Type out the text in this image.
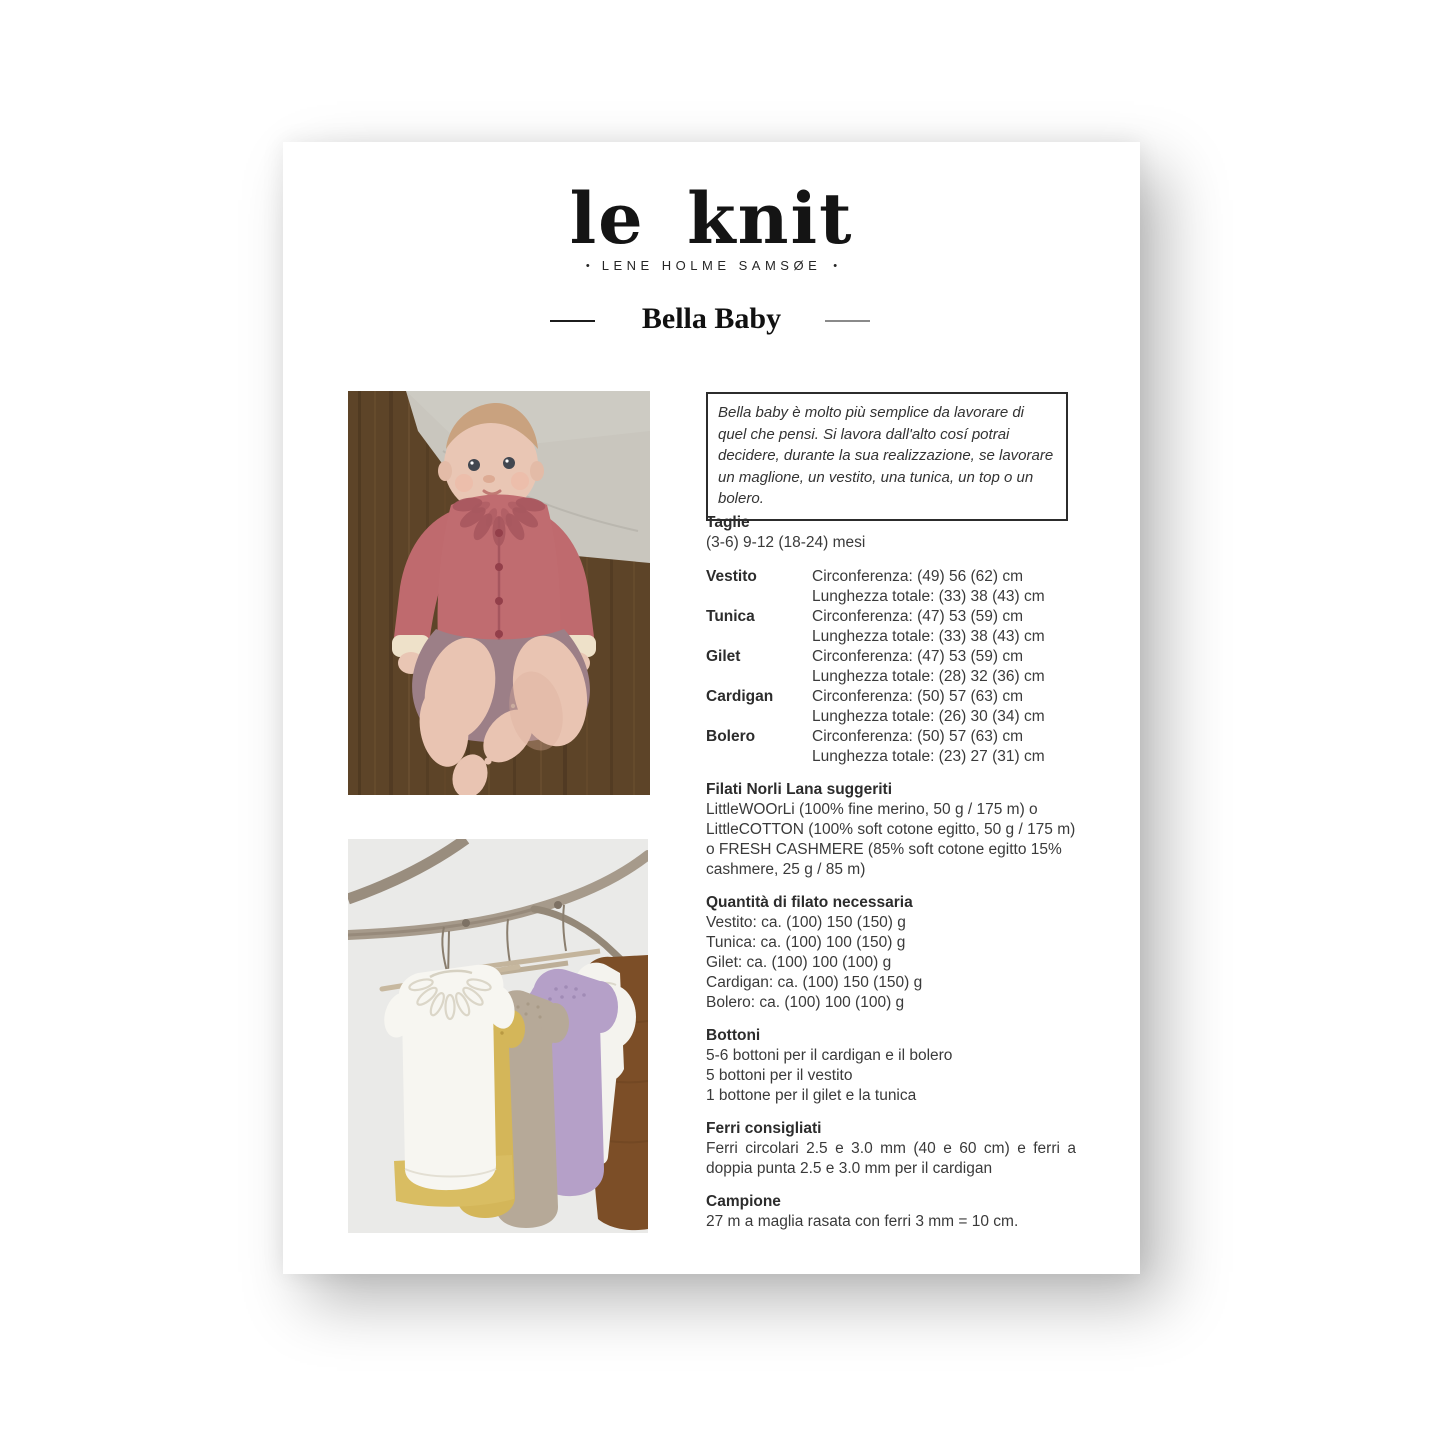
le knit
• LENE HOLME SAMSØE •
Bella Baby
Bella baby è molto più semplice da lavorare di quel che pensi. Si lavora dall'alto cosí potrai decidere, durante la sua realizzazione, se lavorare un maglione, un vestito, una tunica, un top o un bolero.
Taglie
(3-6) 9-12 (18-24) mesi
Vestito	Circonferenza: (49) 56 (62) cm
Lunghezza totale: (33) 38 (43) cm
Tunica	Circonferenza: (47) 53 (59) cm
Lunghezza totale: (33) 38 (43) cm
Gilet	Circonferenza: (47) 53 (59) cm
Lunghezza totale: (28) 32 (36) cm
Cardigan	Circonferenza: (50) 57 (63) cm
Lunghezza totale: (26) 30 (34) cm
Bolero	Circonferenza: (50) 57 (63) cm
Lunghezza totale: (23) 27 (31) cm
Filati Norli Lana suggeriti
LittleWOOrLi (100% fine merino, 50 g / 175 m) o LittleCOTTON (100% soft cotone egitto, 50 g / 175 m) o FRESH CASHMERE (85% soft cotone egitto 15% cashmere, 25 g / 85 m)
Quantità di filato necessaria
Vestito: ca. (100) 150 (150) g
Tunica: ca. (100) 100 (150) g
Gilet: ca. (100) 100 (100) g
Cardigan: ca. (100) 150 (150) g
Bolero: ca. (100) 100 (100) g
Bottoni
5-6 bottoni per il cardigan e il bolero
5 bottoni per il vestito
1 bottone per il gilet e la tunica
Ferri consigliati
Ferri circolari 2.5 e 3.0 mm (40 e 60 cm) e ferri a doppia punta 2.5 e 3.0 mm per il cardigan
Campione
27 m a maglia rasata con ferri 3 mm = 10 cm.
